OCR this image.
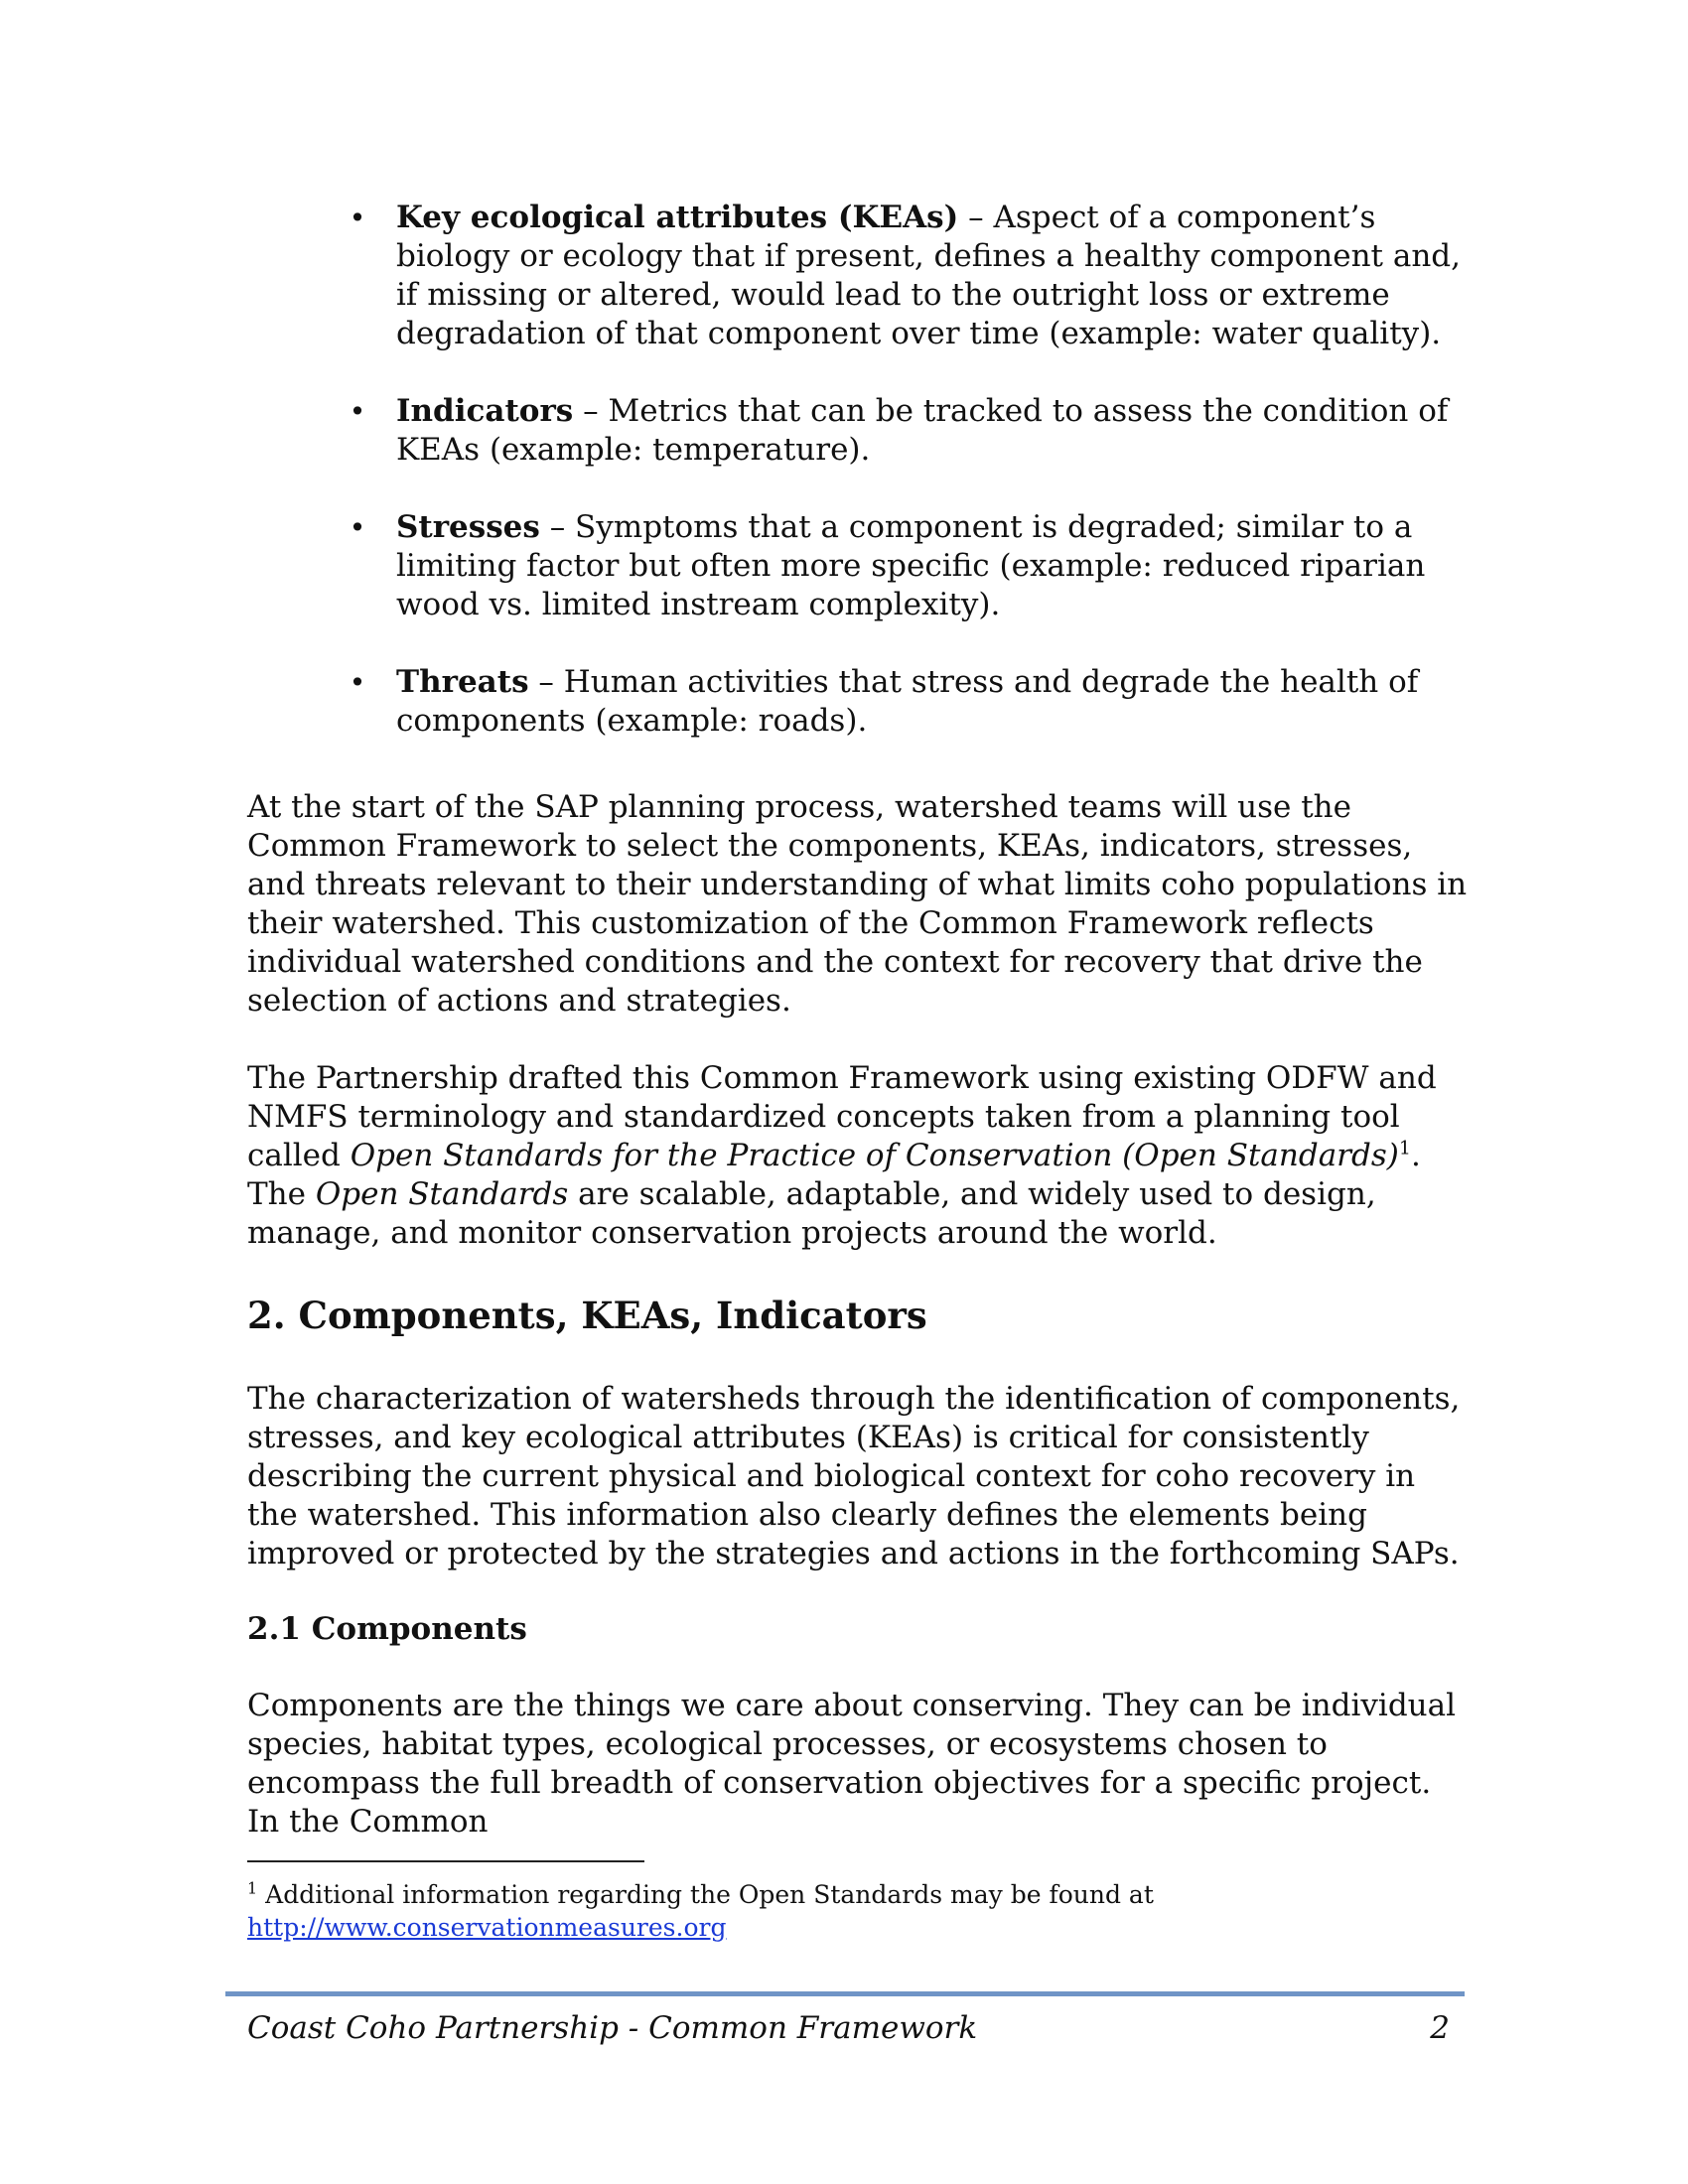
• Key ecological attributes (KEAs) – Aspect of a component’s biology or ecology that if present, defines a healthy component and, if missing or altered, would lead to the outright loss or extreme degradation of that component over time (example: water quality).
• Indicators – Metrics that can be tracked to assess the condition of KEAs (example: temperature).
• Stresses – Symptoms that a component is degraded; similar to a limiting factor but often more specific (example: reduced riparian wood vs. limited instream complexity).
• Threats – Human activities that stress and degrade the health of components (example: roads).

At the start of the SAP planning process, watershed teams will use the Common Framework to select the components, KEAs, indicators, stresses, and threats relevant to their understanding of what limits coho populations in their watershed. This customization of the Common Framework reflects individual watershed conditions and the context for recovery that drive the selection of actions and strategies.

The Partnership drafted this Common Framework using existing ODFW and NMFS terminology and standardized concepts taken from a planning tool called Open Standards for the Practice of Conservation (Open Standards)$^1$. The Open Standards are scalable, adaptable, and widely used to design, manage, and monitor conservation projects around the world.

2. Components, KEAs, Indicators

The characterization of watersheds through the identification of components, stresses, and key ecological attributes (KEAs) is critical for consistently describing the current physical and biological context for coho recovery in the watershed. This information also clearly defines the elements being improved or protected by the strategies and actions in the forthcoming SAPs.

2.1 Components

Components are the things we care about conserving. They can be individual species, habitat types, ecological processes, or ecosystems chosen to encompass the full breadth of conservation objectives for a specific project. In the Common

$^1$ Additional information regarding the Open Standards may be found at
http://www.conservationmeasures.org

Coast Coho Partnership - Common Framework	2
